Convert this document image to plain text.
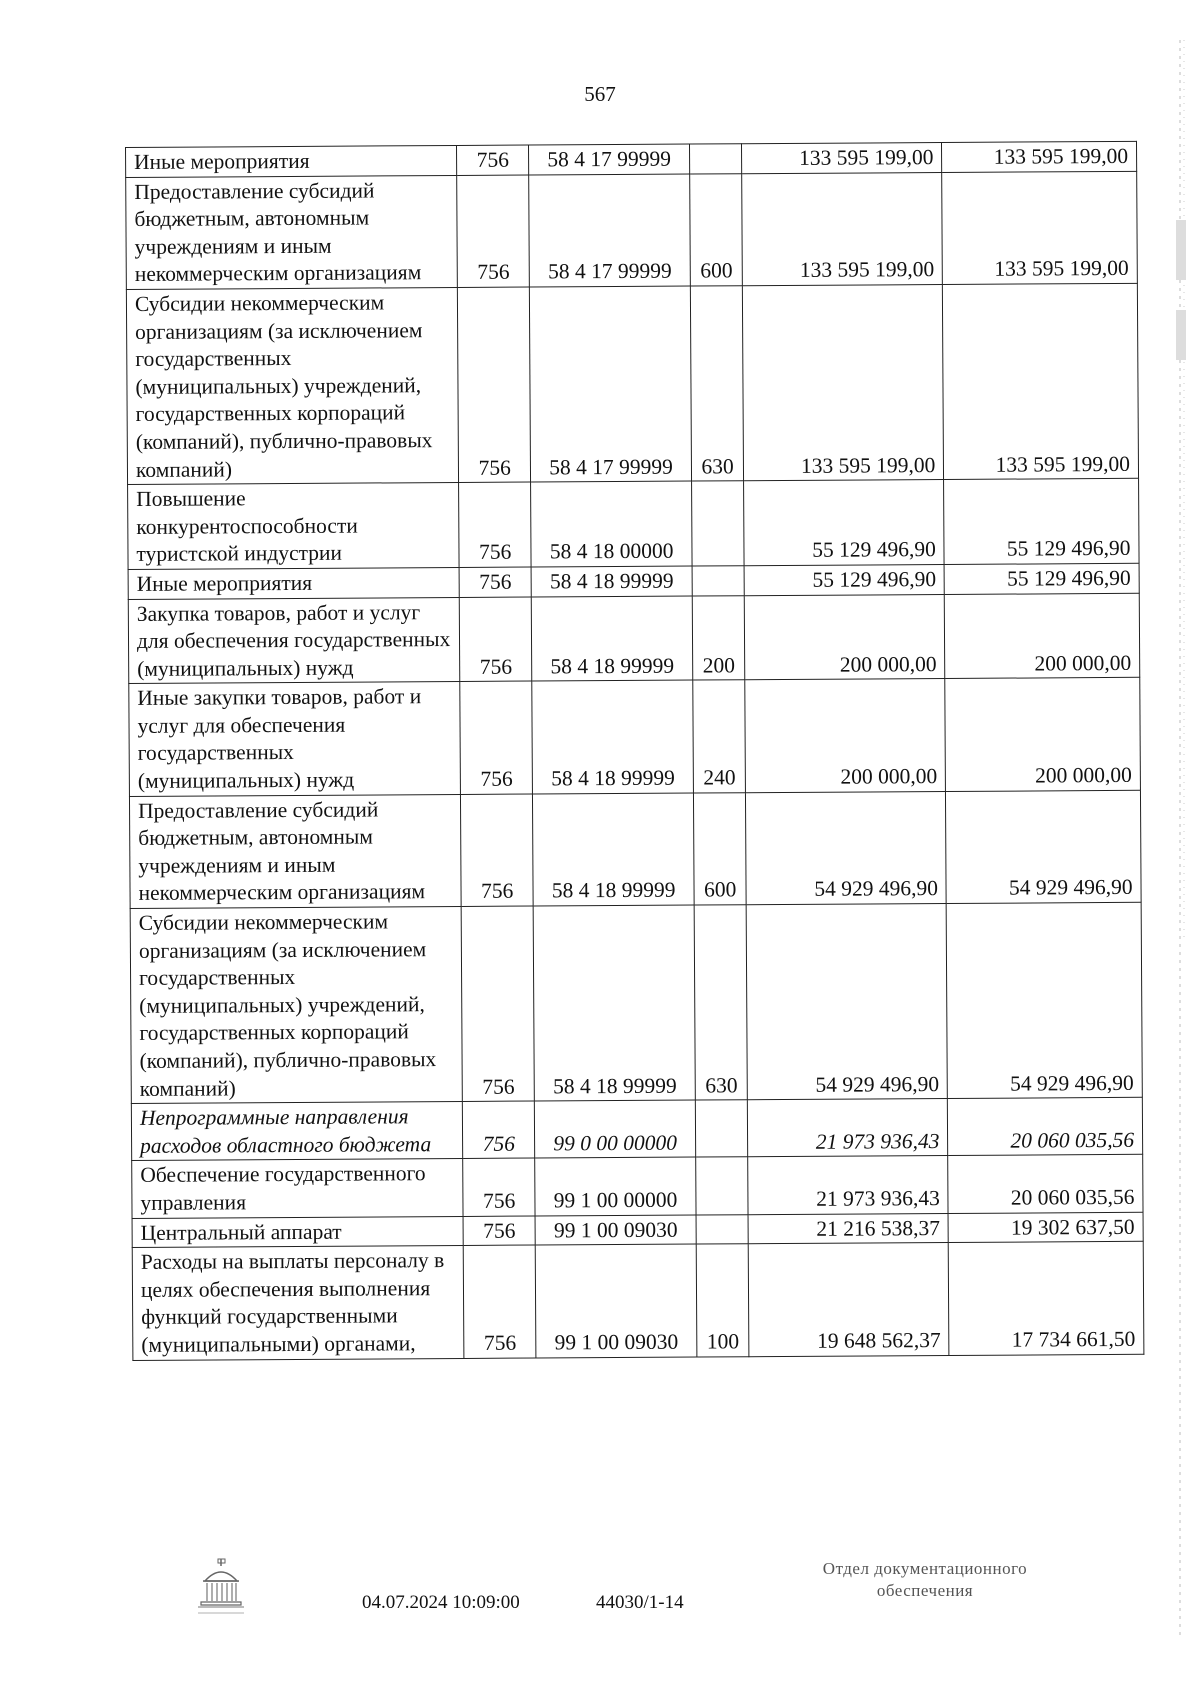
567
Иные мероприятия	756	58 4 17 99999		133 595 199,00	133 595 199,00
Предоставление субсидий бюджетным, автономным учреждениям и иным некоммерческим организациям	756	58 4 17 99999	600	133 595 199,00	133 595 199,00
Субсидии некоммерческим организациям (за исключением государственных (муниципальных) учреждений, государственных корпораций (компаний), публично-правовых компаний)	756	58 4 17 99999	630	133 595 199,00	133 595 199,00
Повышение конкурентоспособности туристской индустрии	756	58 4 18 00000		55 129 496,90	55 129 496,90
Иные мероприятия	756	58 4 18 99999		55 129 496,90	55 129 496,90
Закупка товаров, работ и услуг для обеспечения государственных (муниципальных) нужд	756	58 4 18 99999	200	200 000,00	200 000,00
Иные закупки товаров, работ и услуг для обеспечения государственных (муниципальных) нужд	756	58 4 18 99999	240	200 000,00	200 000,00
Предоставление субсидий бюджетным, автономным учреждениям и иным некоммерческим организациям	756	58 4 18 99999	600	54 929 496,90	54 929 496,90
Субсидии некоммерческим организациям (за исключением государственных (муниципальных) учреждений, государственных корпораций (компаний), публично-правовых компаний)	756	58 4 18 99999	630	54 929 496,90	54 929 496,90
Непрограммные направления расходов областного бюджета	756	99 0 00 00000		21 973 936,43	20 060 035,56
Обеспечение государственного управления	756	99 1 00 00000		21 973 936,43	20 060 035,56
Центральный аппарат	756	99 1 00 09030		21 216 538,37	19 302 637,50
Расходы на выплаты персоналу в целях обеспечения выполнения функций государственными (муниципальными) органами,	756	99 1 00 09030	100	19 648 562,37	17 734 661,50
04.07.2024 10:09:00	44030/1-14
Отдел документационного
обеспечения
